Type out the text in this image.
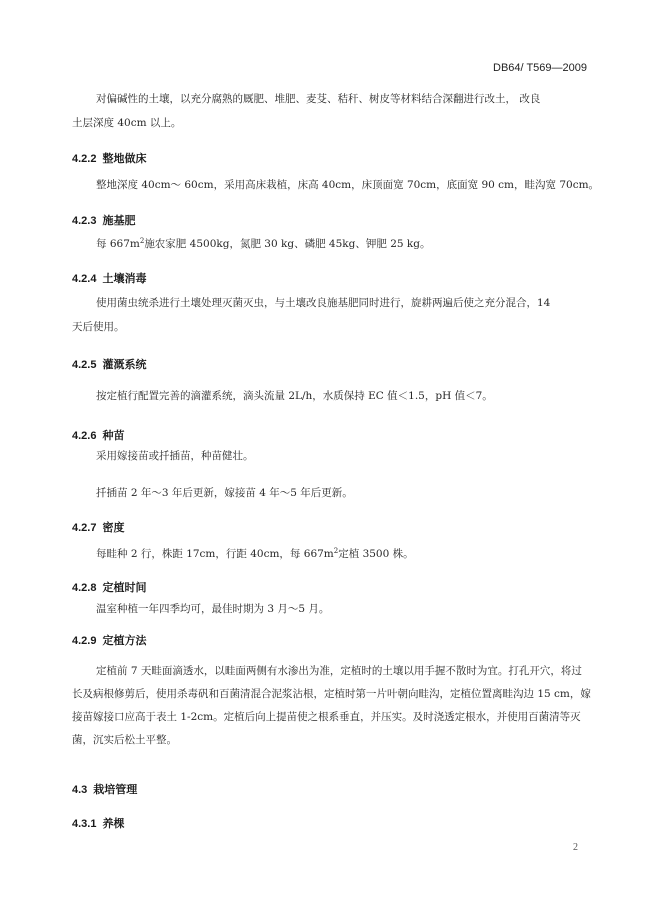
DB64/ T569—2009
对偏碱性的土壤，以充分腐熟的厩肥、堆肥、麦芟、秸秆、树皮等材料结合深翻进行改土， 改良
土层深度 40cm 以上。
4.2.2 整地做床
整地深度 40cm～ 60cm，采用高床栽植，床高 40cm，床顶面宽 70cm，底面宽 90 cm，畦沟宽 70cm。
4.2.3 施基肥
每 $667m^2$施农家肥 4500kg，氮肥 30 kg、磷肥 45kg、钾肥 25 kg。
4.2.4 土壤消毒
使用菌虫统杀进行土壤处理灭菌灭虫，与土壤改良施基肥同时进行，旋耕两遍后使之充分混合，14
天后使用。
4.2.5 灌溉系统
按定植行配置完善的滴灌系统，滴头流量 2L/h，水质保持 EC 值＜1.5，pH 值＜7。
4.2.6 种苗
采用嫁接苗或扦插苗，种苗健壮。
扦插苗 2 年～3 年后更新，嫁接苗 4 年～5 年后更新。
4.2.7 密度
每畦种 2 行，株距 17cm，行距 40cm，每 $667m^2$定植 3500 株。
4.2.8 定植时间
温室种植一年四季均可，最佳时期为 3 月～5 月。
4.2.9 定植方法
定植前 7 天畦面滴透水，以畦面两侧有水渗出为准，定植时的土壤以用手握不散时为宜。打孔开穴，将过长及病根修剪后，使用杀毒矾和百菌清混合泥浆沾根，定植时第一片叶朝向畦沟，定植位置离畦沟边 15 cm，嫁接苗嫁接口应高于表土 1-2cm。定植后向上提苗使之根系垂直，并压实。及时浇透定根水，并使用百菌清等灭菌，沉实后松土平整。
4.3 栽培管理
4.3.1 养棵
2
